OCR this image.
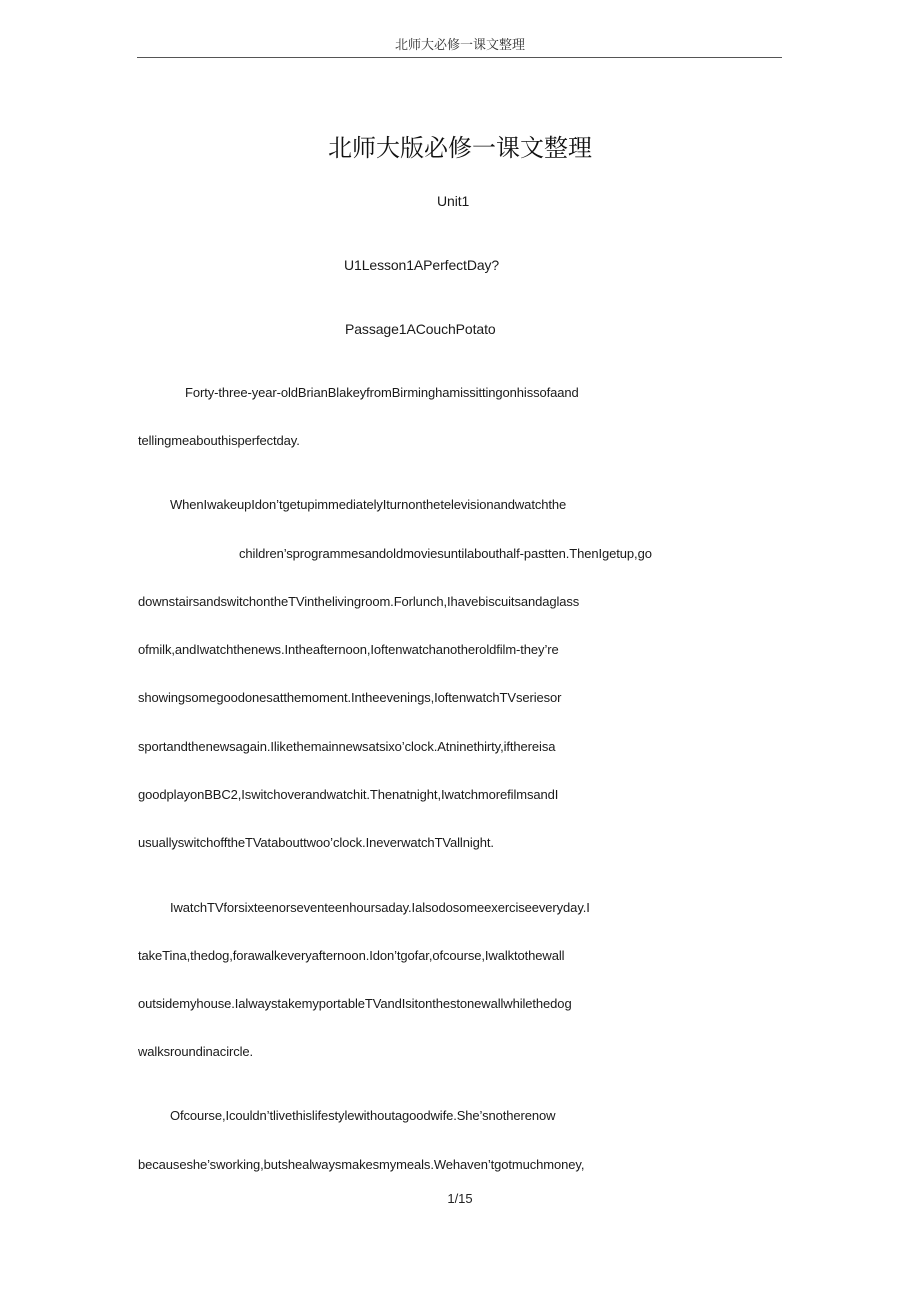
北师大必修一课文整理
北师大版必修一课文整理
Unit1
U1Lesson1APerfectDay?
Passage1ACouchPotato
Forty-three-year-oldBrianBlakeyfromBirminghamissittingonhissofaand
tellingmeabouthisperfectday.
WhenIwakeupIdon’tgetupimmediatelyIturnonthetelevisionandwatchthe
children’sprogrammesandoldmoviesuntilabouthalf-pastten.ThenIgetup,go
downstairsandswitchontheTVinthelivingroom.Forlunch,Ihavebiscuitsandaglass
ofmilk,andIwatchthenews.Intheafternoon,Ioftenwatchanotheroldfilm-they’re
showingsomegoodonesatthemoment.Intheevenings,IoftenwatchTVseriesor
sportandthenewsagain.Ilikethemainnewsatsixo’clock.Atninethirty,ifthereisa
goodplayonBBC2,Iswitchoverandwatchit.Thenatnight,IwatchmorefilmsandI
usuallyswitchofftheTVatabouttwoo’clock.IneverwatchTVallnight.
IwatchTVforsixteenorseventeenhoursaday.Ialsodosomeexerciseeveryday.I
takeTina,thedog,forawalkeveryafternoon.Idon’tgofar,ofcourse,Iwalktothewall
outsidemyhouse.IalwaystakemyportableTVandIsitonthestonewallwhilethedog
walksroundinacircle.
Ofcourse,Icouldn’tlivethislifestylewithoutagoodwife.She’snotherenow
becauseshe’sworking,butshealwaysmakesmymeals.Wehaven’tgotmuchmoney,
1/15
